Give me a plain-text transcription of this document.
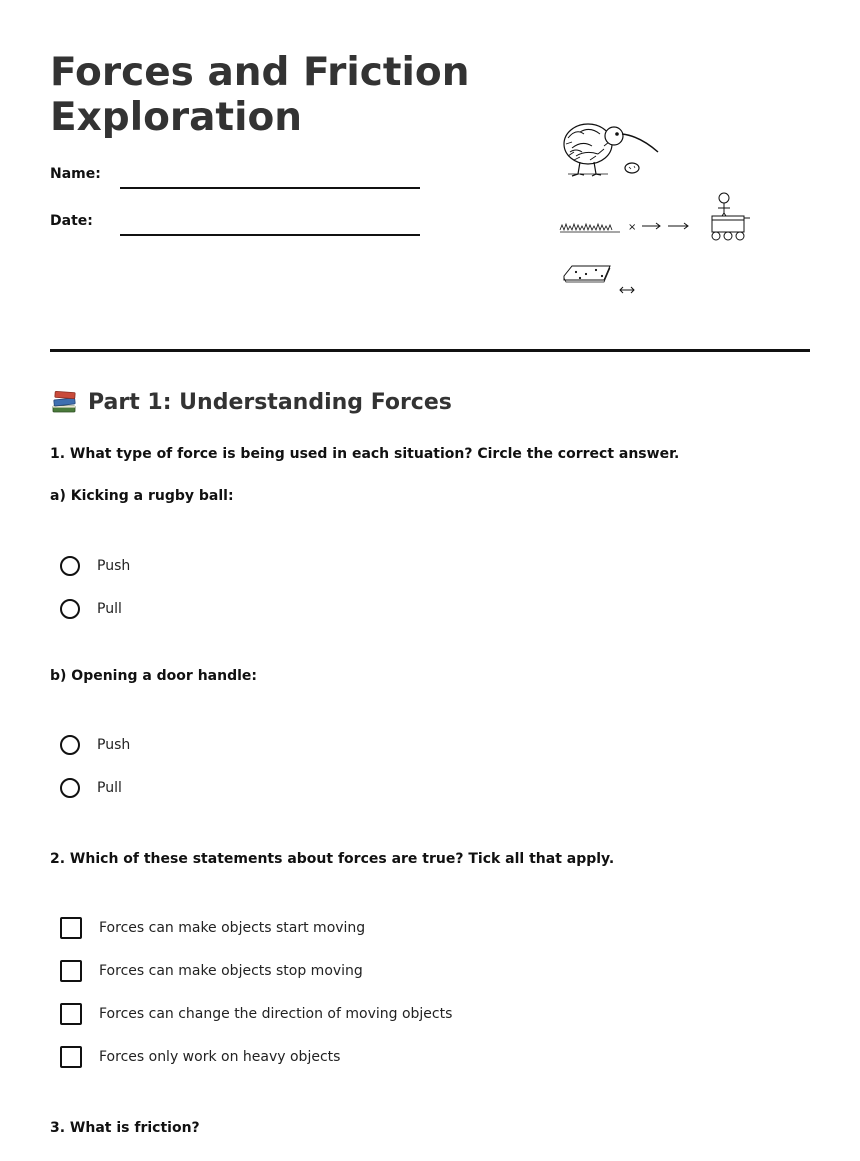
Forces and Friction
Exploration
Name:
Date:	×
Part 1: Understanding Forces

1. What type of force is being used in each situation? Circle the correct answer.

a) Kicking a rugby ball:

Push
Pull

b) Opening a door handle:

Push
Pull

2. Which of these statements about forces are true? Tick all that apply.

Forces can make objects start moving
Forces can make objects stop moving
Forces can change the direction of moving objects
Forces only work on heavy objects

3. What is friction?
